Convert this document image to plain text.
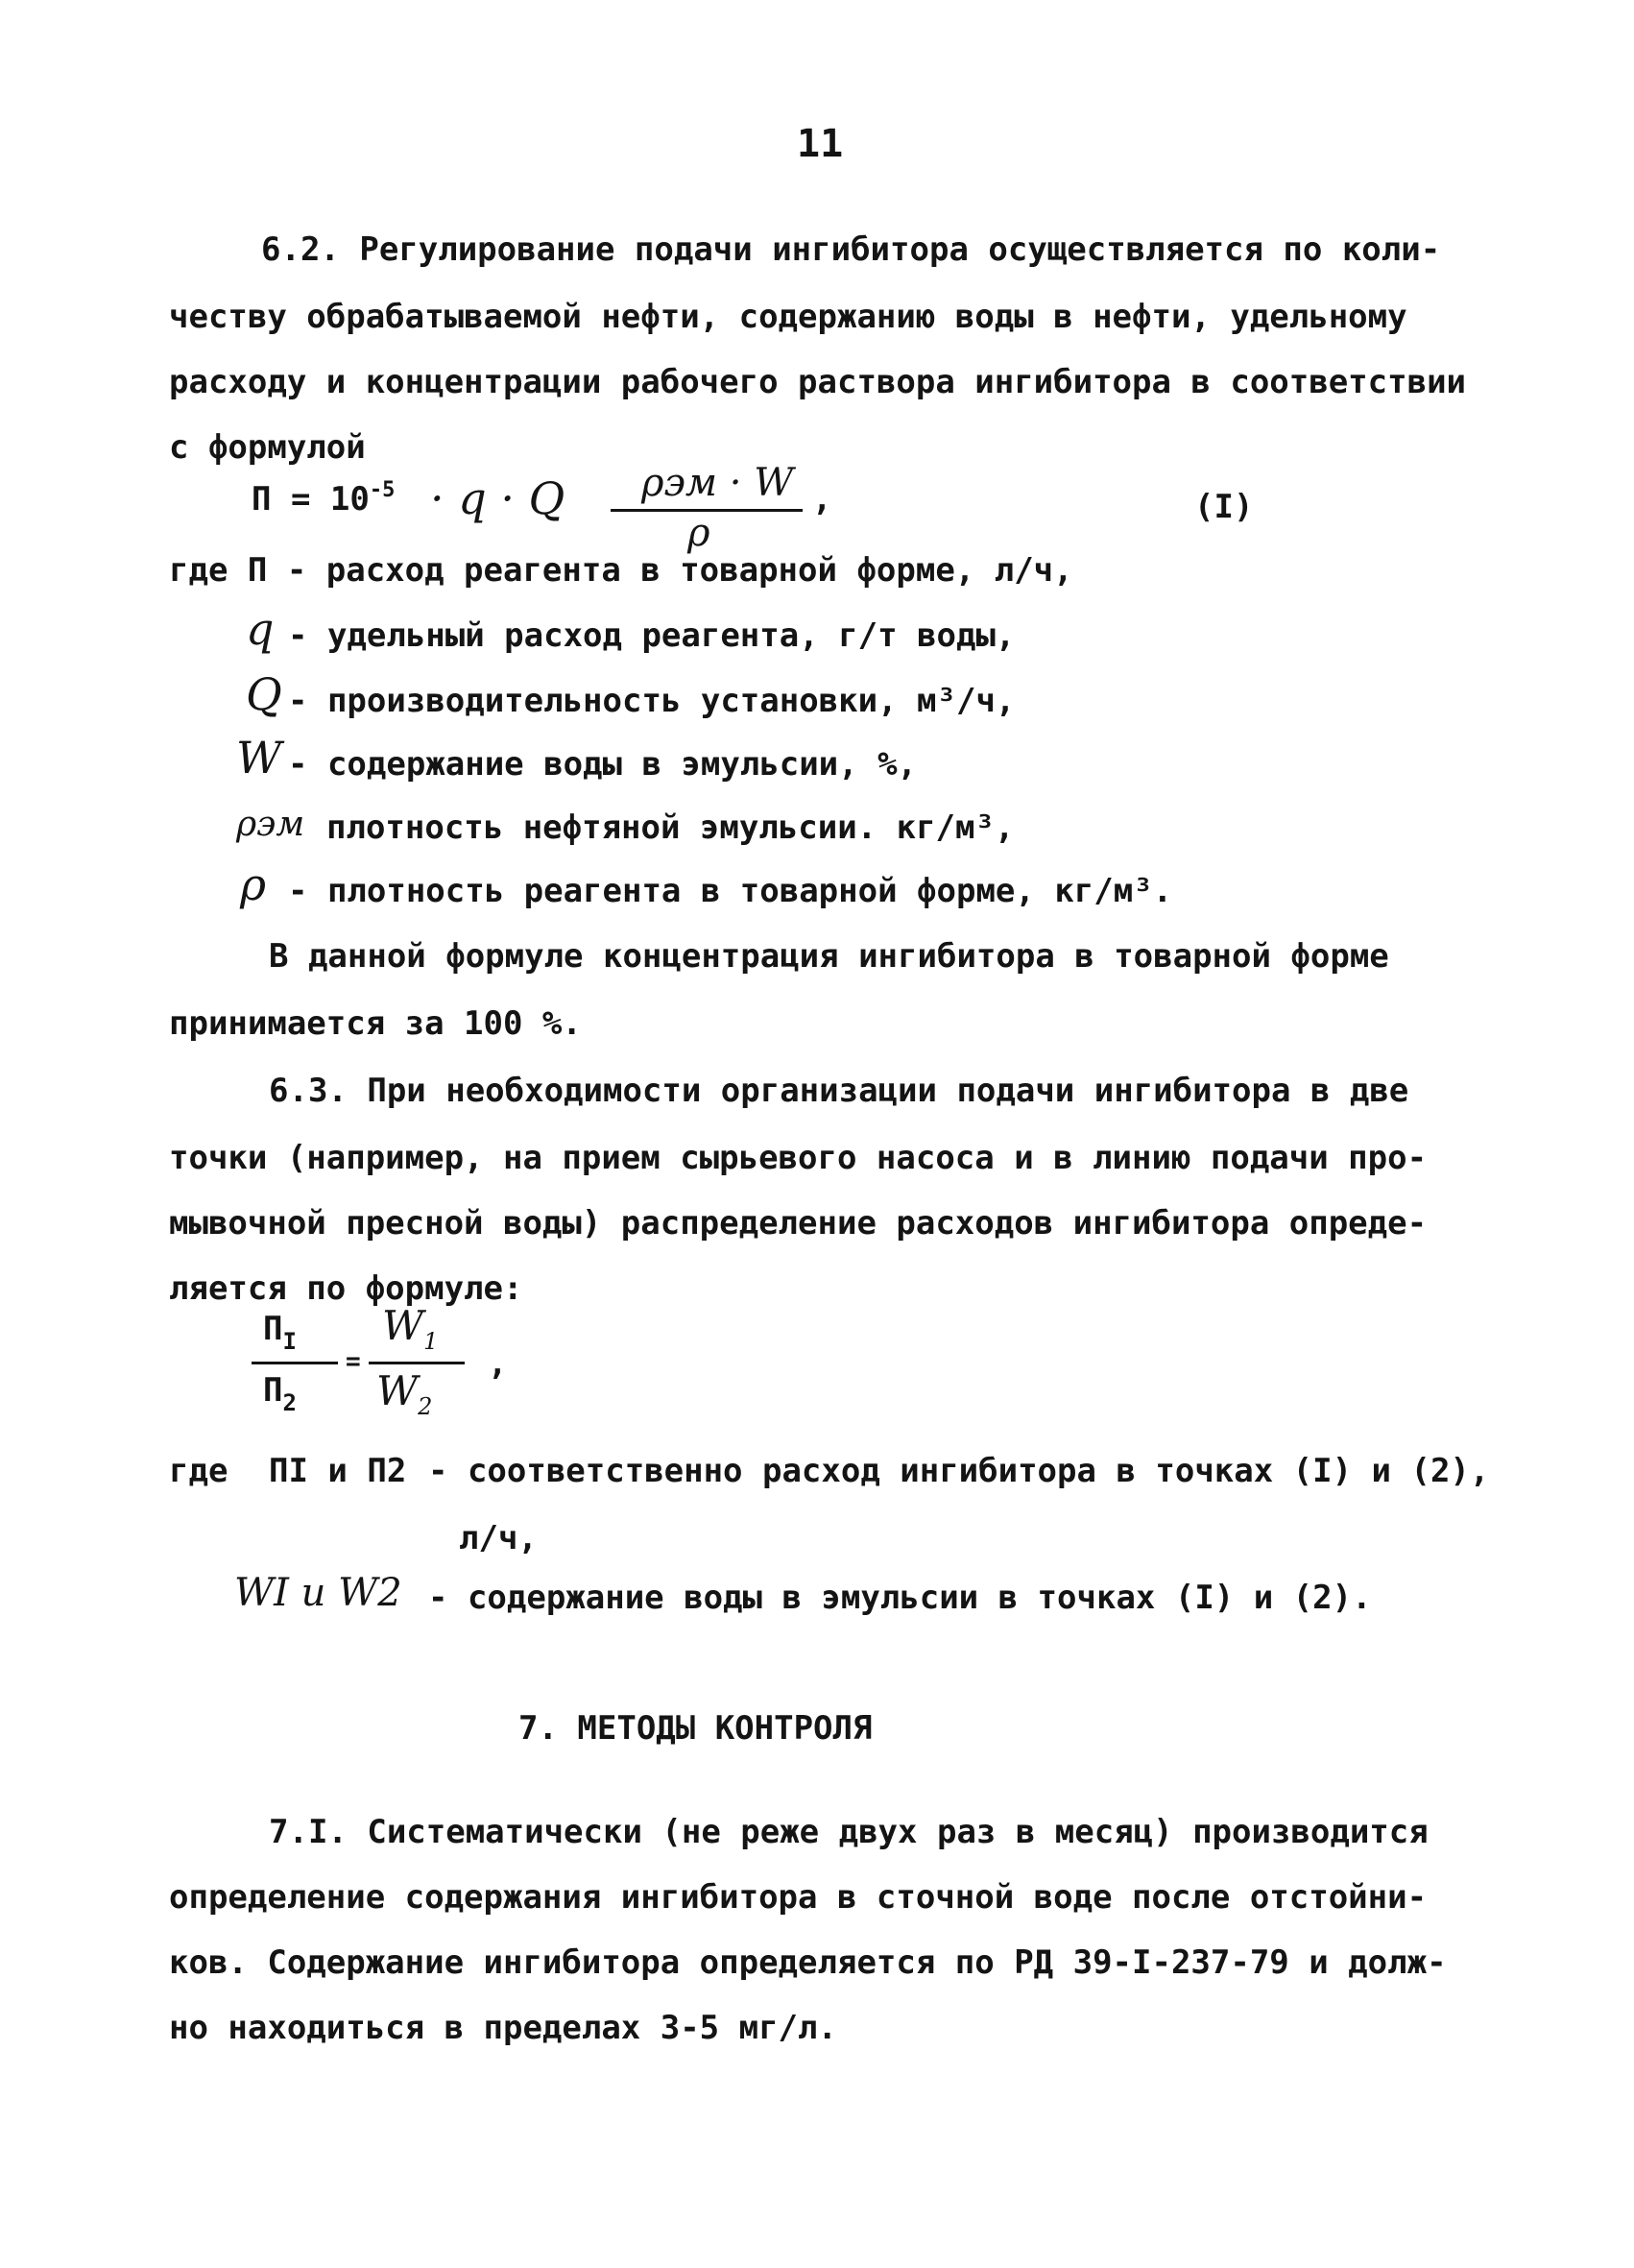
11
6.2. Регулирование подачи ингибитора осуществляется по коли-
честву обрабатываемой нефти, содержанию воды в нефти, удельному
расходу и концентрации рабочего раствора ингибитора в соответствии
с формулой
$П = 10^{-5} \cdot q \cdot Q$ ρэм · W
ρ
,	(I)
где П - расход реагента в товарной форме, л/ч,
q - удельный расход реагента, г/т воды,
Q - производительность установки, м³/ч,
W - содержание воды в эмульсии, %,
ρэм плотность нефтяной эмульсии. кг/м³,
ρ - плотность реагента в товарной форме, кг/м³.
В данной формуле концентрация ингибитора в товарной форме
принимается за 100 %.
6.3. При необходимости организации подачи ингибитора в две
точки (например, на прием сырьевого насоса и в линию подачи про-
мывочной пресной воды) распределение расходов ингибитора опреде-
ляется по формуле:
$П_I$
$П_2$
=
$W_1$
$W_2$
,
где ПI и П2 - соответственно расход ингибитора в точках (I) и (2),
л/ч,
WI и W2 - содержание воды в эмульсии в точках (I) и (2).
7. МЕТОДЫ КОНТРОЛЯ
7.I. Систематически (не реже двух раз в месяц) производится
определение содержания ингибитора в сточной воде после отстойни-
ков. Содержание ингибитора определяется по РД 39-I-237-79 и долж-
но находиться в пределах 3-5 мг/л.
